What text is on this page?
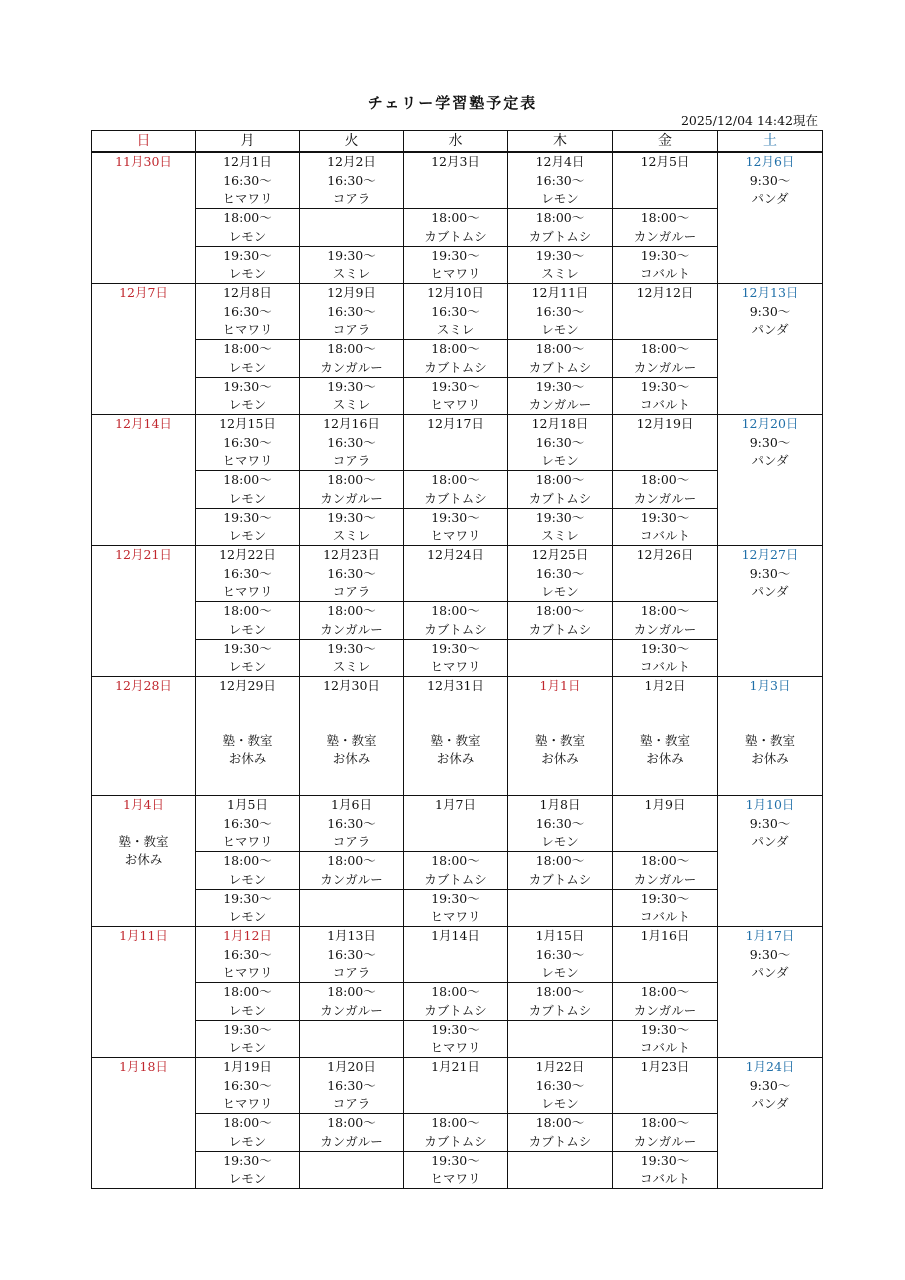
チェリー学習塾予定表
2025/12/04 14:42現在
日	月	火	水	木	金	土

11月30日	12月1日
16:30～
ヒマワリ	12月2日
16:30～
コアラ	12月3日	12月4日
16:30～
レモン	12月5日	12月6日
9:30～
パンダ

	18:00～
レモン		18:00～
カブトムシ	18:00～
カブトムシ	18:00～
カンガルー	

	19:30～
レモン	19:30～
スミレ	19:30～
ヒマワリ	19:30～
スミレ	19:30～
コバルト	

12月7日	12月8日
16:30～
ヒマワリ	12月9日
16:30～
コアラ	12月10日
16:30～
スミレ	12月11日
16:30～
レモン	12月12日	12月13日
9:30～
パンダ

	18:00～
レモン	18:00～
カンガルー	18:00～
カブトムシ	18:00～
カブトムシ	18:00～
カンガルー	

	19:30～
レモン	19:30～
スミレ	19:30～
ヒマワリ	19:30～
カンガルー	19:30～
コバルト	

12月14日	12月15日
16:30～
ヒマワリ	12月16日
16:30～
コアラ	12月17日	12月18日
16:30～
レモン	12月19日	12月20日
9:30～
パンダ

	18:00～
レモン	18:00～
カンガルー	18:00～
カブトムシ	18:00～
カブトムシ	18:00～
カンガルー	

	19:30～
レモン	19:30～
スミレ	19:30～
ヒマワリ	19:30～
スミレ	19:30～
コバルト	

12月21日	12月22日
16:30～
ヒマワリ	12月23日
16:30～
コアラ	12月24日	12月25日
16:30～
レモン	12月26日	12月27日
9:30～
パンダ

	18:00～
レモン	18:00～
カンガルー	18:00～
カブトムシ	18:00～
カブトムシ	18:00～
カンガルー	

	19:30～
レモン	19:30～
スミレ	19:30～
ヒマワリ		19:30～
コバルト	

12月28日	12月29日
塾・教室
お休み	12月30日
塾・教室
お休み	12月31日
塾・教室
お休み	1月1日
塾・教室
お休み	1月2日
塾・教室
お休み	1月3日
塾・教室
お休み

1月4日
塾・教室
お休み	1月5日
16:30～
ヒマワリ	1月6日
16:30～
コアラ	1月7日	1月8日
16:30～
レモン	1月9日	1月10日
9:30～
パンダ

	18:00～
レモン	18:00～
カンガルー	18:00～
カブトムシ	18:00～
カブトムシ	18:00～
カンガルー	

	19:30～
レモン		19:30～
ヒマワリ		19:30～
コバルト	

1月11日	1月12日
16:30～
ヒマワリ	1月13日
16:30～
コアラ	1月14日	1月15日
16:30～
レモン	1月16日	1月17日
9:30～
パンダ

	18:00～
レモン	18:00～
カンガルー	18:00～
カブトムシ	18:00～
カブトムシ	18:00～
カンガルー	

	19:30～
レモン		19:30～
ヒマワリ		19:30～
コバルト	

1月18日	1月19日
16:30～
ヒマワリ	1月20日
16:30～
コアラ	1月21日	1月22日
16:30～
レモン	1月23日	1月24日
9:30～
パンダ

	18:00～
レモン	18:00～
カンガルー	18:00～
カブトムシ	18:00～
カブトムシ	18:00～
カンガルー	

	19:30～
レモン		19:30～
ヒマワリ		19:30～
コバルト	
